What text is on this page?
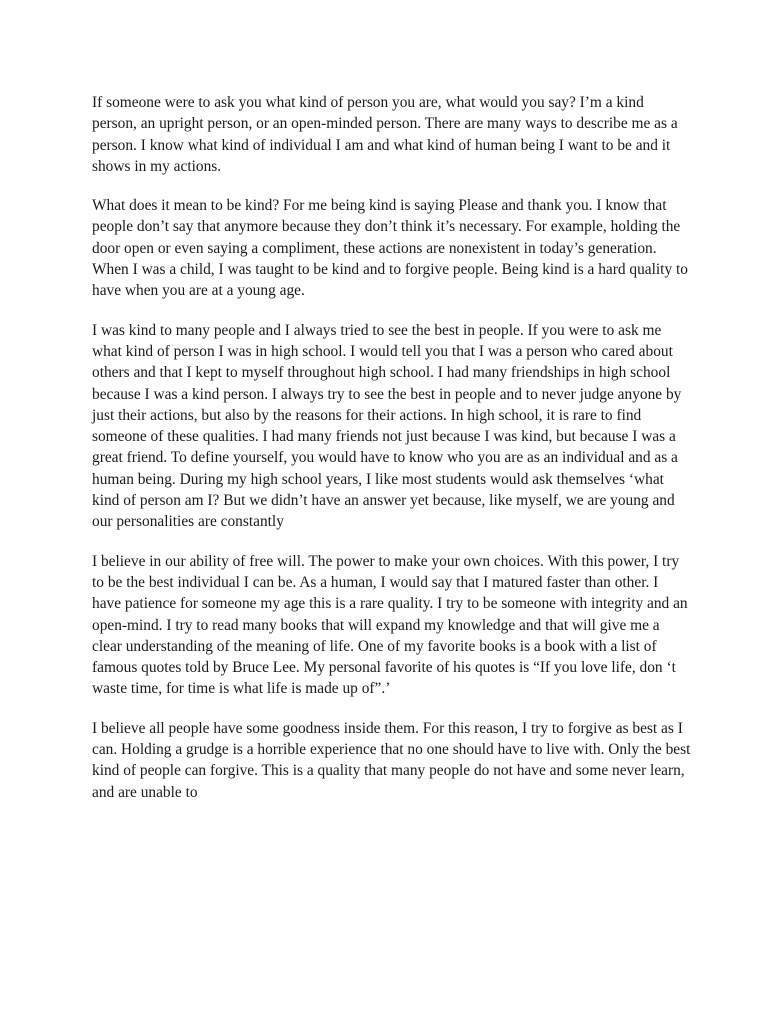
If someone were to ask you what kind of person you are, what would you say? I’m a kind
person, an upright person, or an open-minded person. There are many ways to describe me as a
person. I know what kind of individual I am and what kind of human being I want to be and it
shows in my actions.

What does it mean to be kind? For me being kind is saying Please and thank you. I know that
people don’t say that anymore because they don’t think it’s necessary. For example, holding the
door open or even saying a compliment, these actions are nonexistent in today’s generation.
When I was a child, I was taught to be kind and to forgive people. Being kind is a hard quality to
have when you are at a young age.

I was kind to many people and I always tried to see the best in people. If you were to ask me
what kind of person I was in high school. I would tell you that I was a person who cared about
others and that I kept to myself throughout high school. I had many friendships in high school
because I was a kind person. I always try to see the best in people and to never judge anyone by
just their actions, but also by the reasons for their actions. In high school, it is rare to find
someone of these qualities. I had many friends not just because I was kind, but because I was a
great friend. To define yourself, you would have to know who you are as an individual and as a
human being. During my high school years, I like most students would ask themselves ‘what
kind of person am I? But we didn’t have an answer yet because, like myself, we are young and
our personalities are constantly

I believe in our ability of free will. The power to make your own choices. With this power, I try
to be the best individual I can be. As a human, I would say that I matured faster than other. I
have patience for someone my age this is a rare quality. I try to be someone with integrity and an
open-mind. I try to read many books that will expand my knowledge and that will give me a
clear understanding of the meaning of life. One of my favorite books is a book with a list of
famous quotes told by Bruce Lee. My personal favorite of his quotes is “If you love life, don ‘t
waste time, for time is what life is made up of”.’

I believe all people have some goodness inside them. For this reason, I try to forgive as best as I
can. Holding a grudge is a horrible experience that no one should have to live with. Only the best
kind of people can forgive. This is a quality that many people do not have and some never learn,
and are unable to
